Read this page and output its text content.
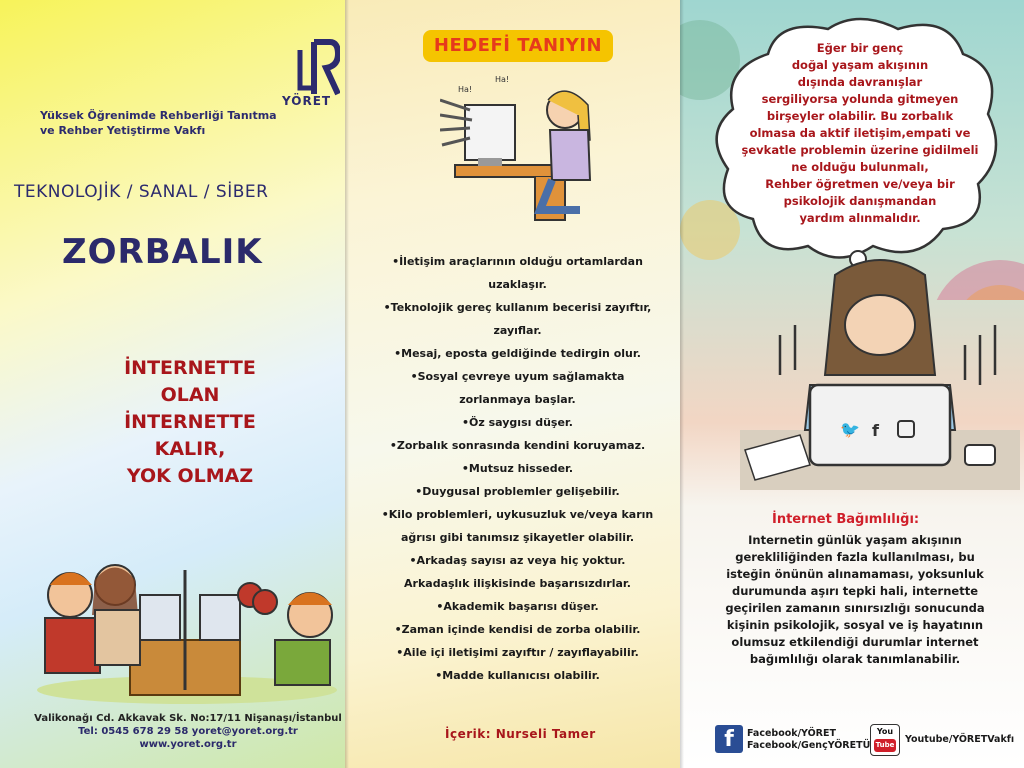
YÖRET
Yüksek Öğrenimde Rehberliği Tanıtma
ve Rehber Yetiştirme Vakfı
TEKNOLOJİK / SANAL / SİBER
ZORBALIK
İNTERNETTE
OLAN
İNTERNETTE
KALIR,
YOK OLMAZ
Valikonağı Cd. Akkavak Sk. No:17/11 Nişanaşı/İstanbul
Tel: 0545 678 29 58 yoret@yoret.org.tr
www.yoret.org.tr
HEDEFİ TANIYIN
Ha!
Ha!
•İletişim araçlarının olduğu ortamlardan
uzaklaşır.
•Teknolojik gereç kullanım becerisi zayıftır,
zayıflar.
•Mesaj, eposta geldiğinde tedirgin olur.
•Sosyal çevreye uyum sağlamakta
zorlanmaya başlar.
•Öz saygısı düşer.
•Zorbalık sonrasında kendini koruyamaz.
•Mutsuz hisseder.
•Duygusal problemler gelişebilir.
•Kilo problemleri, uykusuzluk ve/veya karın
ağrısı gibi tanımsız şikayetler olabilir.
•Arkadaş sayısı az veya hiç yoktur.
Arkadaşlık ilişkisinde başarısızdırlar.
•Akademik başarısı düşer.
•Zaman içinde kendisi de zorba olabilir.
•Aile içi iletişimi zayıftır / zayıflayabilir.
•Madde kullanıcısı olabilir.
İçerik: Nurseli Tamer
Eğer bir genç
doğal yaşam akışının
dışında davranışlar
sergiliyorsa yolunda gitmeyen
birşeyler olabilir. Bu zorbalık
olmasa da aktif iletişim,empati ve
şevkatle problemin üzerine gidilmeli
ne olduğu bulunmalı,
Rehber öğretmen ve/veya bir
psikolojik danışmandan
yardım alınmalıdır.
🐦 f
İnternet Bağımlılığı:
Internetin günlük yaşam akışının
gerekliliğinden fazla kullanılması, bu
isteğin önünün alınamaması, yoksunluk
durumunda aşırı tepki hali, internette
geçirilen zamanın sınırsızlığı sonucunda
kişinin psikolojik, sosyal ve iş hayatının
olumsuz etkilendiği durumlar internet
bağımlılığı olarak tanımlanabilir.
f	Facebook/YÖRET
Facebook/GençYÖRETÜ
You
Tube Youtube/YÖRETVakfı
